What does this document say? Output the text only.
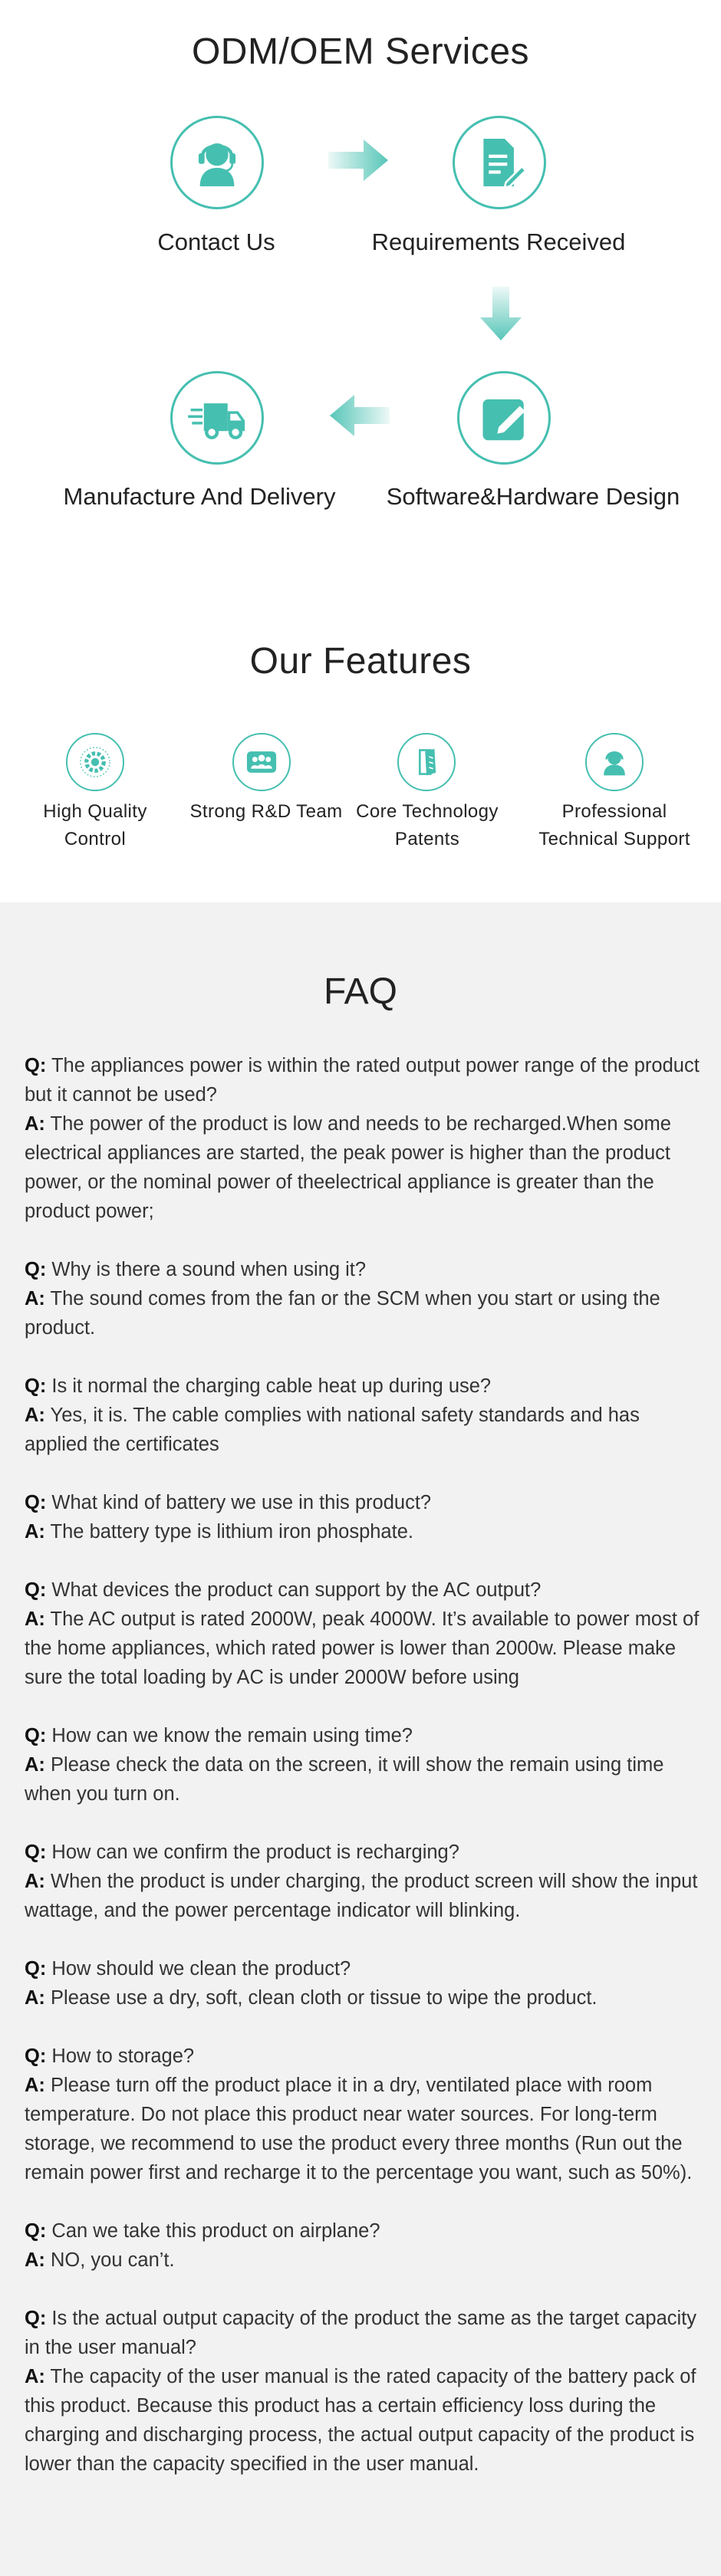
ODM/OEM Services
Contact Us	Requirements Received
Software&Hardware Design
Manufacture And Delivery
Our Features
High Quality Control
Strong R&D Team Core Technology Patents
Professional Technical Support
FAQ

Q: The appliances power is within the rated output power range of the product but it cannot be used?

A: The power of the product is low and needs to be recharged.When some electrical appliances are started, the peak power is higher than the product power, or the nominal power of theelectrical appliance is greater than the product power;

Q: Why is there a sound when using it?

A: The sound comes from the fan or the SCM when you start or using the product.

Q: Is it normal the charging cable heat up during use?

A: Yes, it is. The cable complies with national safety standards and has applied the certificates

Q: What kind of battery we use in this product?

A: The battery type is lithium iron phosphate.

Q: What devices the product can support by the AC output?

A: The AC output is rated 2000W, peak 4000W. It’s available to power most of the home appliances, which rated power is lower than 2000w. Please make sure the total loading by AC is under 2000W before using

Q: How can we know the remain using time?

A: Please check the data on the screen, it will show the remain using time when you turn on.

Q: How can we confirm the product is recharging?

A: When the product is under charging, the product screen will show the input wattage, and the power percentage indicator will blinking.

Q: How should we clean the product?

A: Please use a dry, soft, clean cloth or tissue to wipe the product.

Q: How to storage?

A: Please turn off the product place it in a dry, ventilated place with room temperature. Do not place this product near water sources. For long-term storage, we recommend to use the product every three months (Run out the remain power first and recharge it to the percentage you want, such as 50%).

Q: Can we take this product on airplane?

A: NO, you can’t.

Q: Is the actual output capacity of the product the same as the target capacity in the user manual?

A: The capacity of the user manual is the rated capacity of the battery pack of this product. Because this product has a certain efficiency loss during the charging and discharging process, the actual output capacity of the product is lower than the capacity specified in the user manual.
